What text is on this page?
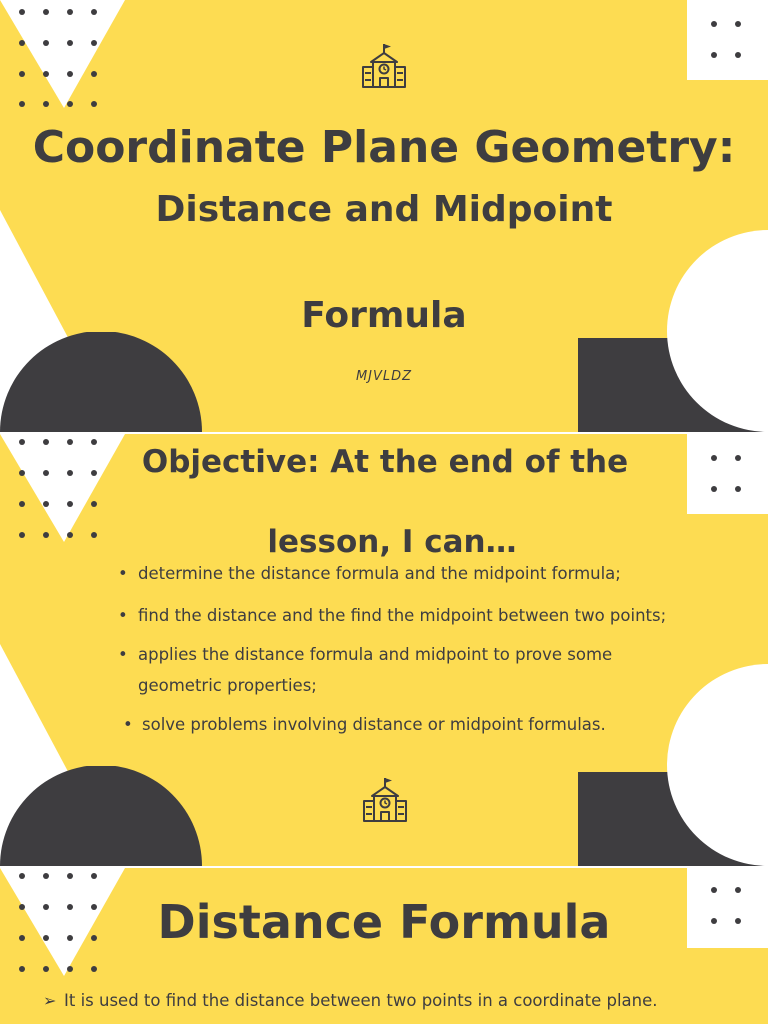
Coordinate Plane Geometry:
Distance and Midpoint
Formula
MJVLDZ
Objective: At the end of the
lesson, I can…
• determine the distance formula and the midpoint formula;
• find the distance and the find the midpoint between two points;
• applies the distance formula and midpoint to prove some
geometric properties;
• solve problems involving distance or midpoint formulas.
Distance Formula
➢ It is used to find the distance between two points in a coordinate plane.
